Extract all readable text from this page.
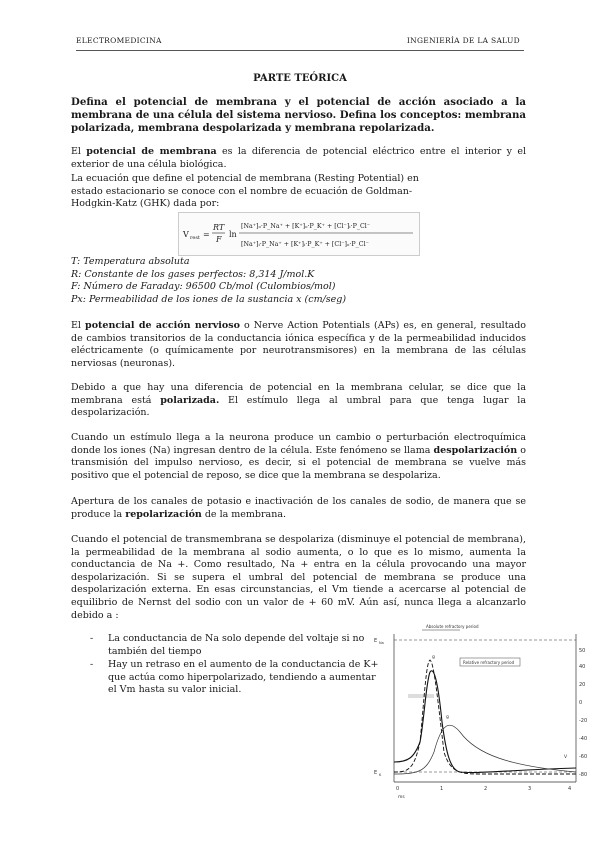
ELECTROMEDICINA	INGENIERÍA DE LA SALUD
PARTE TEÓRICA
Defina el potencial de membrana y el potencial de acción asociado a la membrana de una célula del sistema nervioso. Defina los conceptos: membrana polarizada, membrana despolarizada y membrana repolarizada.
El potencial de membrana es la diferencia de potencial eléctrico entre el interior y el exterior de una célula biológica.
La ecuación que define el potencial de membrana (Resting Potential) en estado estacionario se conoce con el nombre de ecuación de Goldman-Hodgkin-Katz (GHK) dada por:
V rest =
RT
F
ln
[Na⁺]ₒ·P_Na⁺ + [K⁺]ₒ·P_K⁺ + [Cl⁻]ᵢ·P_Cl⁻
[Na⁺]ᵢ·P_Na⁺ + [K⁺]ᵢ·P_K⁺ + [Cl⁻]ₒ·P_Cl⁻
T: Temperatura absoluta
R: Constante de los gases perfectos: 8,314 J/mol.K
F: Número de Faraday: 96500 Cb/mol (Culombios/mol)
Px: Permeabilidad de los iones de la sustancia x (cm/seg)
El potencial de acción nervioso o Nerve Action Potentials (APs) es, en general, resultado de cambios transitorios de la conductancia iónica específica y de la permeabilidad inducidos eléctricamente (o químicamente por neurotransmisores) en la membrana de las células nerviosas (neuronas).
Debido a que hay una diferencia de potencial en la membrana celular, se dice que la membrana está polarizada. El estímulo llega al umbral para que tenga lugar la despolarización.
Cuando un estímulo llega a la neurona produce un cambio o perturbación electroquímica donde los iones (Na) ingresan dentro de la célula. Este fenómeno se llama despolarización o transmisión del impulso nervioso, es decir, si el potencial de membrana se vuelve más positivo que el potencial de reposo, se dice que la membrana se despolariza.
Apertura de los canales de potasio e inactivación de los canales de sodio, de manera que se produce la repolarización de la membrana.
Cuando el potencial de transmembrana se despolariza (disminuye el potencial de membrana), la permeabilidad de la membrana al sodio aumenta, o lo que es lo mismo, aumenta la conductancia de Na +. Como resultado, Na + entra en la célula provocando una mayor despolarización. Si se supera el umbral del potencial de membrana se produce una despolarización externa. En esas circunstancias, el Vm tiende a acercarse al potencial de equilibrio de Nernst del sodio con un valor de + 60 mV. Aún así, nunca llega a alcanzarlo debido a :
-	La conductancia de Na solo depende del voltaje si no también del tiempo
-	Hay un retraso en el aumento de la conductancia de K+ que actúa como hiperpolarizado, tendiendo a aumentar el Vm hasta su valor inicial.
E Na
E K
Absolute refractory period
Relative refractory period
g
g
V
50
40
20
0
-20
-40
-60
-80
0	1	2	3	4
ms
